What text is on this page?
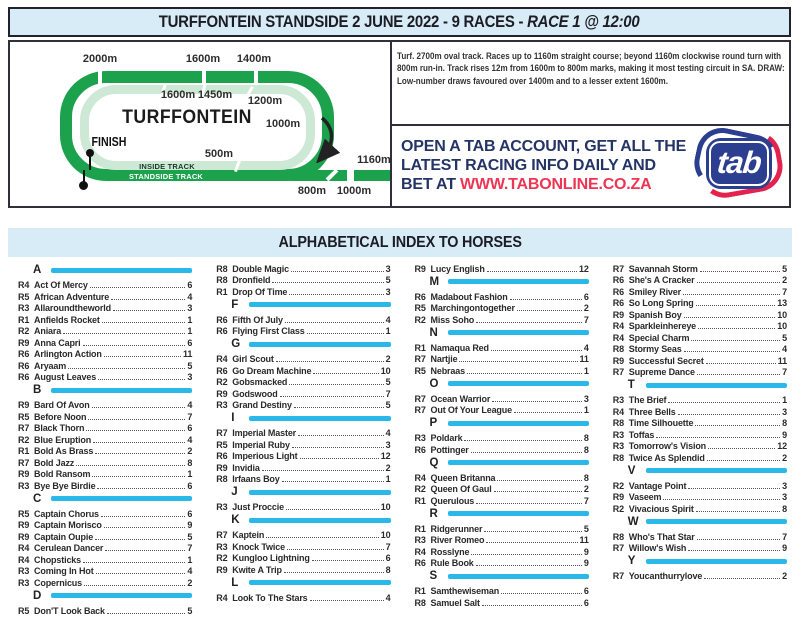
TURFFONTEIN STANDSIDE 2 JUNE 2022 - 9 RACES - RACE 1 @ 12:00
2000m	1600m	1400m
1600m 1450m	1200m
1000m
500m	1160m
800m 1000m
TURFFONTEIN
FINISH
INSIDE TRACK
STANDSIDE TRACK
Turf. 2700m oval track. Races up to 1160m straight course; beyond 1160m clockwise round turn with
800m run-in. Track rises 12m from 1600m to 800m marks, making it most testing circuit in SA. DRAW:
Low-number draws favoured over 1400m and to a lesser extent 1600m.
OPEN A TAB ACCOUNT, GET ALL THE
LATEST RACING INFO DAILY AND
BET AT WWW.TABONLINE.CO.ZA
tab
ALPHABETICAL INDEX TO HORSES
A
R4 Act Of Mercy	6
R5 African Adventure	4
R3 Allaroundtheworld	3
R1 Anfields Rocket	1
R2 Aniara	1
R9 Anna Capri	6
R6 Arlington Action	11
R6 Aryaam	5
R6 August Leaves	3
B
R9 Bard Of Avon	4
R5 Before Noon	7
R7 Black Thorn	6
R2 Blue Eruption	4
R1 Bold As Brass	2
R7 Bold Jazz	8
R9 Bold Ransom	1
R3 Bye Bye Birdie	6
C
R5 Captain Chorus	6
R9 Captain Morisco	9
R9 Captain Oupie	5
R4 Cerulean Dancer	7
R4 Chopsticks	1
R3 Coming In Hot	4
R3 Copernicus	2
D
R5 Don'T Look Back	5
R8 Double Magic	3
R8 Dronfield	5
R1 Drop Of Time	3
F
R6 Fifth Of July	4
R6 Flying First Class	1
G
R4 Girl Scout	2
R6 Go Dream Machine	10
R2 Gobsmacked	5
R9 Godswood	7
R3 Grand Destiny	5
I
R7 Imperial Master	4
R5 Imperial Ruby	3
R6 Imperious Light	12
R9 Invidia	2
R8 Irfaans Boy	1
J
R3 Just Proccie	10
K
R7 Kaptein	10
R3 Knock Twice	7
R2 Kungloo Lightning	6
R9 Kwite A Trip	8
L
R4 Look To The Stars	4
R9 Lucy English	12
M
R6 Madabout Fashion	6
R5 Marchingontogether	2
R2 Miss Soho	7
N
R1 Namaqua Red	4
R7 Nartjie	11
R5 Nebraas	1
O
R7 Ocean Warrior	3
R7 Out Of Your League	1
P
R3 Poldark	8
R6 Pottinger	8
Q
R4 Queen Britanna	8
R2 Queen Of Gaul	2
R1 Querulous	7
R
R1 Ridgerunner	5
R3 River Romeo	11
R4 Rosslyne	9
R6 Rule Book	9
S
R1 Samthewiseman	6
R8 Samuel Salt	6
R7 Savannah Storm	5
R6 She's A Cracker	2
R6 Smiley River	7
R6 So Long Spring	13
R9 Spanish Boy	10
R4 Sparkleinhereye	10
R4 Special Charm	5
R8 Stormy Seas	4
R9 Successful Secret	11
R7 Supreme Dance	7
T
R3 The Brief	1
R4 Three Bells	3
R8 Time Silhouette	8
R3 Toffas	9
R3 Tomorrow's Vision	12
R8 Twice As Splendid	2
V
R2 Vantage Point	3
R9 Vaseem	3
R2 Vivacious Spirit	8
W
R8 Who's That Star	7
R7 Willow's Wish	9
Y
R7 Youcanthurrylove	2
